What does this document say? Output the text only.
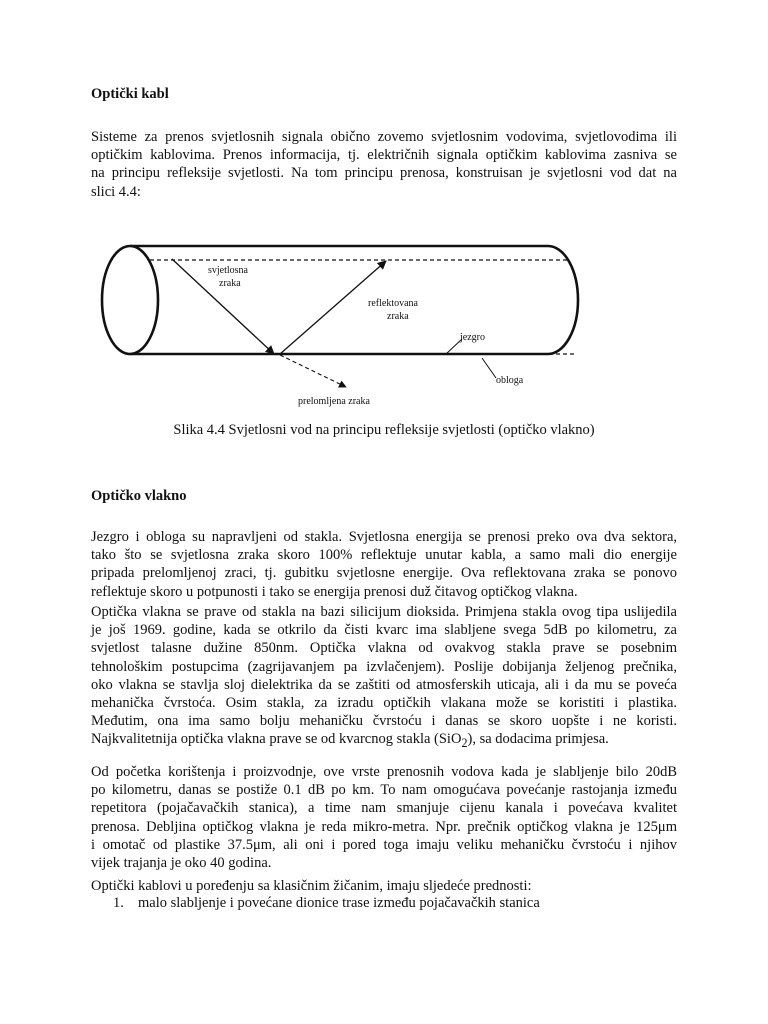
Optički kabl
Sisteme za prenos svjetlosnih signala obično zovemo svjetlosnim vodovima, svjetlovodima ili
optičkim kablovima. Prenos informacija, tj. električnih signala optičkim kablovima zasniva se
na principu refleksije svjetlosti. Na tom principu prenosa, konstruisan je svjetlosni vod dat na
slici 4.4:
svjetlosna
zraka
reflektovana
zraka
jezgro
obloga
prelomljena zraka

Slika 4.4 Svjetlosni vod na principu refleksije svjetlosti (optičko vlakno)

Optičko vlakno
Jezgro i obloga su napravljeni od stakla. Svjetlosna energija se prenosi preko ova dva sektora,
tako što se svjetlosna zraka skoro 100% reflektuje unutar kabla, a samo mali dio energije
pripada prelomljenoj zraci, tj. gubitku svjetlosne energije. Ova reflektovana zraka se ponovo
reflektuje skoro u potpunosti i tako se energija prenosi duž čitavog optičkog vlakna.
Optička vlakna se prave od stakla na bazi silicijum dioksida. Primjena stakla ovog tipa uslijedila
je još 1969. godine, kada se otkrilo da čisti kvarc ima slabljene svega 5dB po kilometru, za
svjetlost talasne dužine 850nm. Optička vlakna od ovakvog stakla prave se posebnim
tehnološkim postupcima (zagrijavanjem pa izvlačenjem). Poslije dobijanja željenog prečnika,
oko vlakna se stavlja sloj dielektrika da se zaštiti od atmosferskih uticaja, ali i da mu se poveća
mehanička čvrstoća. Osim stakla, za izradu optičkih vlakana može se koristiti i plastika.
Međutim, ona ima samo bolju mehaničku čvrstoću i danas se skoro uopšte i ne koristi.
Najkvalitetnija optička vlakna prave se od kvarcnog stakla (SiO$_2$), sa dodacima primjesa.
Od početka korištenja i proizvodnje, ove vrste prenosnih vodova kada je slabljenje bilo 20dB
po kilometru, danas se postiže 0.1 dB po km. To nam omogućava povećanje rastojanja između
repetitora (pojačavačkih stanica), a time nam smanjuje cijenu kanala i povećava kvalitet
prenosa. Debljina optičkog vlakna je reda mikro-metra. Npr. prečnik optičkog vlakna je 125μm
i omotač od plastike 37.5μm, ali oni i pored toga imaju veliku mehaničku čvrstoću i njihov
vijek trajanja je oko 40 godina.

Optički kablovi u poređenju sa klasičnim žičanim, imaju sljedeće prednosti:

1. malo slabljenje i povećane dionice trase između pojačavačkih stanica
